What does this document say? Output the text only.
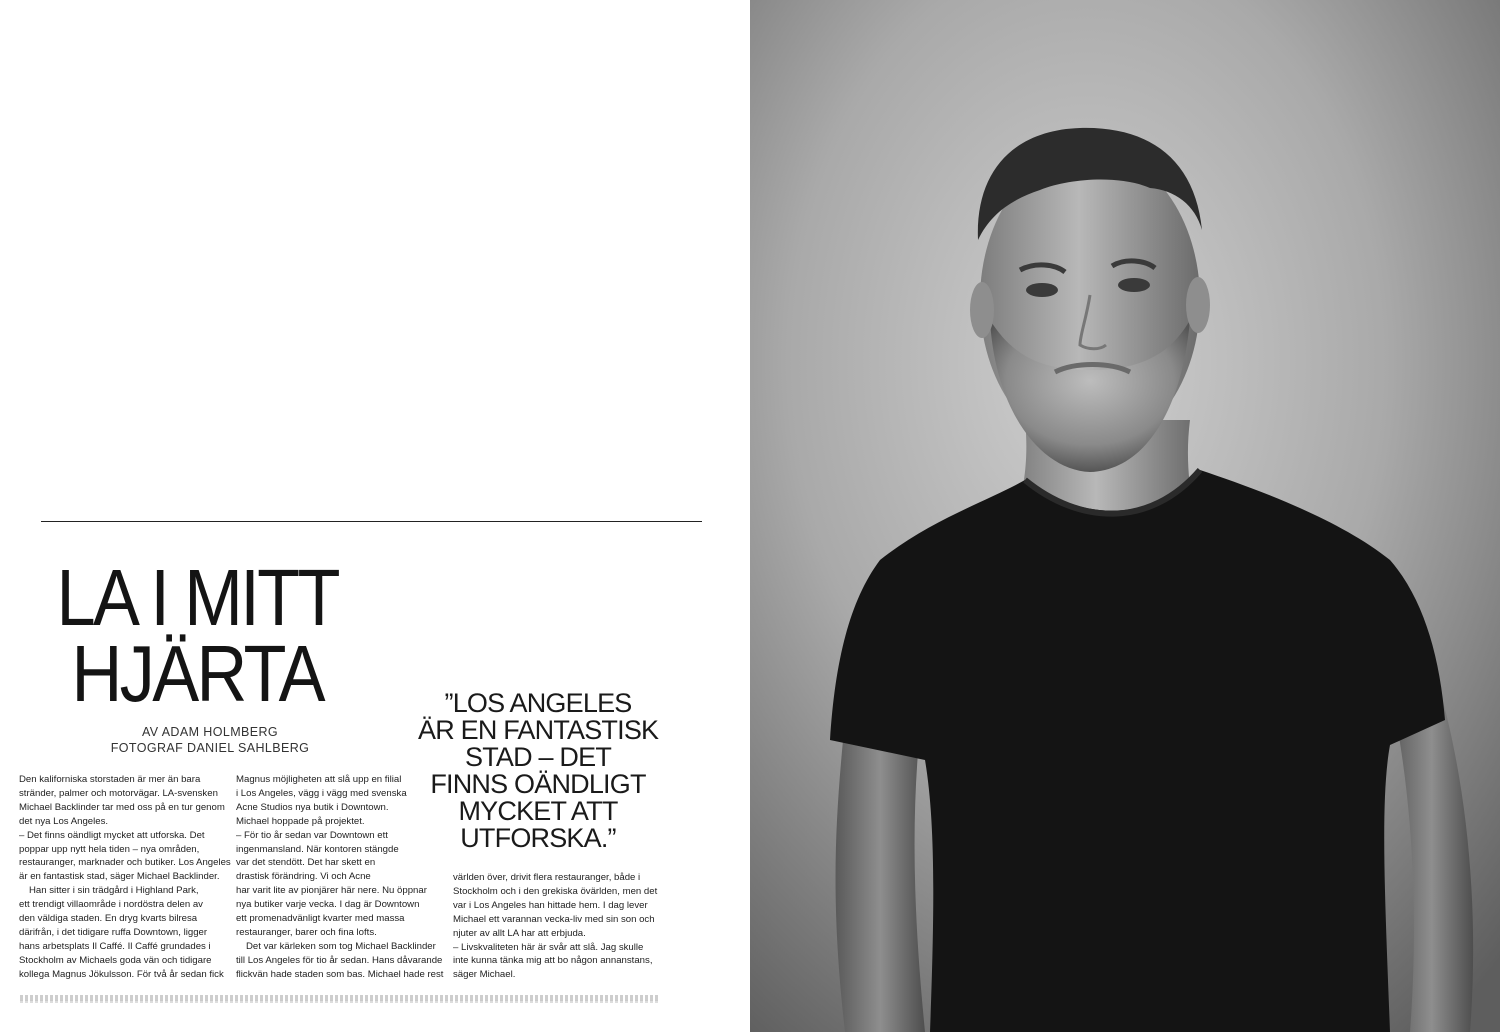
LA I MITT
HJÄRTA
AV ADAM HOLMBERG
FOTOGRAF DANIEL SAHLBERG

Den kaliforniska storstaden är mer än bara

stränder, palmer och motorvägar. LA-svensken

Michael Backlinder tar med oss på en tur genom

det nya Los Angeles.

– Det finns oändligt mycket att utforska. Det

poppar upp nytt hela tiden – nya områden,

restauranger, marknader och butiker. Los Angeles

är en fantastisk stad, säger Michael Backlinder.

Han sitter i sin trädgård i Highland Park,

ett trendigt villaområde i nordöstra delen av

den väldiga staden. En dryg kvarts bilresa

därifrån, i det tidigare ruffa Downtown, ligger

hans arbetsplats Il Caffé. Il Caffé grundades i

Stockholm av Michaels goda vän och tidigare

kollega Magnus Jökulsson. För två år sedan fick

Magnus möjligheten att slå upp en filial

i Los Angeles, vägg i vägg med svenska

Acne Studios nya butik i Downtown.

Michael hoppade på projektet.

– För tio år sedan var Downtown ett

ingenmansland. När kontoren stängde

var det stendött. Det har skett en

drastisk förändring. Vi och Acne

har varit lite av pionjärer här nere. Nu öppnar

nya butiker varje vecka. I dag är Downtown

ett promenadvänligt kvarter med massa

restauranger, barer och fina lofts.

Det var kärleken som tog Michael Backlinder

till Los Angeles för tio år sedan. Hans dåvarande

flickvän hade staden som bas. Michael hade rest

”LOS ANGELES
ÄR EN FANTASTISK
STAD – DET
FINNS OÄNDLIGT
MYCKET ATT
UTFORSKA.”

världen över, drivit flera restauranger, både i

Stockholm och i den grekiska övärlden, men det

var i Los Angeles han hittade hem. I dag lever

Michael ett varannan vecka-liv med sin son och

njuter av allt LA har att erbjuda.

– Livskvaliteten här är svår att slå. Jag skulle

inte kunna tänka mig att bo någon annanstans,

säger Michael.
